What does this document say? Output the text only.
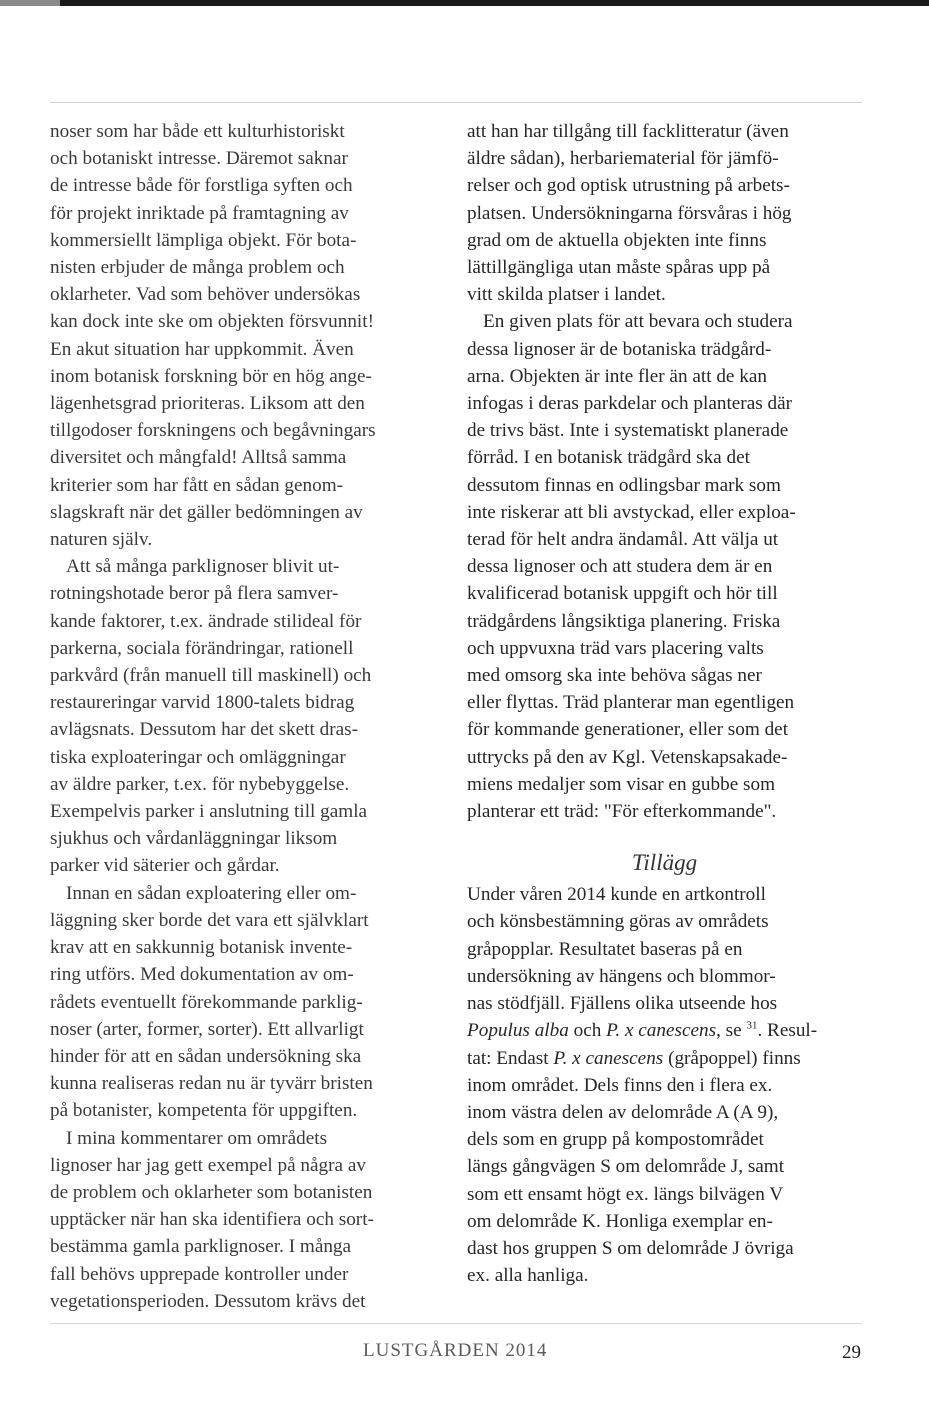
noser som har både ett kulturhistoriskt
och botaniskt intresse. Däremot saknar
de intresse både för forstliga syften och
för projekt inriktade på framtagning av
kommersiellt lämpliga objekt. För bota-
nisten erbjuder de många problem och
oklarheter. Vad som behöver undersökas
kan dock inte ske om objekten försvunnit!
En akut situation har uppkommit. Även
inom botanisk forskning bör en hög ange-
lägenhetsgrad prioriteras. Liksom att den
tillgodoser forskningens och begåvningars
diversitet och mångfald! Alltså samma
kriterier som har fått en sådan genom-
slagskraft när det gäller bedömningen av
naturen själv.

Att så många parklignoser blivit ut-
rotningshotade beror på flera samver-
kande faktorer, t.ex. ändrade stilideal för
parkerna, sociala förändringar, rationell
parkvård (från manuell till maskinell) och
restaureringar varvid 1800-talets bidrag
avlägsnats. Dessutom har det skett dras-
tiska exploateringar och omläggningar
av äldre parker, t.ex. för nybebyggelse.
Exempelvis parker i anslutning till gamla
sjukhus och vårdanläggningar liksom
parker vid säterier och gårdar.

Innan en sådan exploatering eller om-
läggning sker borde det vara ett självklart
krav att en sakkunnig botanisk invente-
ring utförs. Med dokumentation av om-
rådets eventuellt förekommande parklig-
noser (arter, former, sorter). Ett allvarligt
hinder för att en sådan undersökning ska
kunna realiseras redan nu är tyvärr bristen
på botanister, kompetenta för uppgiften.

I mina kommentarer om områdets
lignoser har jag gett exempel på några av
de problem och oklarheter som botanisten
upptäcker när han ska identifiera och sort-
bestämma gamla parklignoser. I många
fall behövs upprepade kontroller under
vegetationsperioden. Dessutom krävs det

att han har tillgång till facklitteratur (även
äldre sådan), herbariematerial för jämfö-
relser och god optisk utrustning på arbets-
platsen. Undersökningarna försvåras i hög
grad om de aktuella objekten inte finns
lättillgängliga utan måste spåras upp på
vitt skilda platser i landet.

En given plats för att bevara och studera
dessa lignoser är de botaniska trädgård-
arna. Objekten är inte fler än att de kan
infogas i deras parkdelar och planteras där
de trivs bäst. Inte i systematiskt planerade
förråd. I en botanisk trädgård ska det
dessutom finnas en odlingsbar mark som
inte riskerar att bli avstyckad, eller exploa-
terad för helt andra ändamål. Att välja ut
dessa lignoser och att studera dem är en
kvalificerad botanisk uppgift och hör till
trädgårdens långsiktiga planering. Friska
och uppvuxna träd vars placering valts
med omsorg ska inte behöva sågas ner
eller flyttas. Träd planterar man egentligen
för kommande generationer, eller som det
uttrycks på den av Kgl. Vetenskapsakade-
miens medaljer som visar en gubbe som
planterar ett träd: "För efterkommande".

Tillägg

Under våren 2014 kunde en artkontroll
och könsbestämning göras av områdets
gråpopplar. Resultatet baseras på en
undersökning av hängens och blommor-
nas stödfjäll. Fjällens olika utseende hos
Populus alba och P. x canescens, se $^{31}$. Resul-
tat: Endast P. x canescens (gråpoppel) finns
inom området. Dels finns den i flera ex.
inom västra delen av delområde A (A 9),
dels som en grupp på kompostområdet
längs gångvägen S om delområde J, samt
som ett ensamt högt ex. längs bilvägen V
om delområde K. Honliga exemplar en-
dast hos gruppen S om delområde J övriga
ex. alla hanliga.

LUSTGÅRDEN 2014	29
